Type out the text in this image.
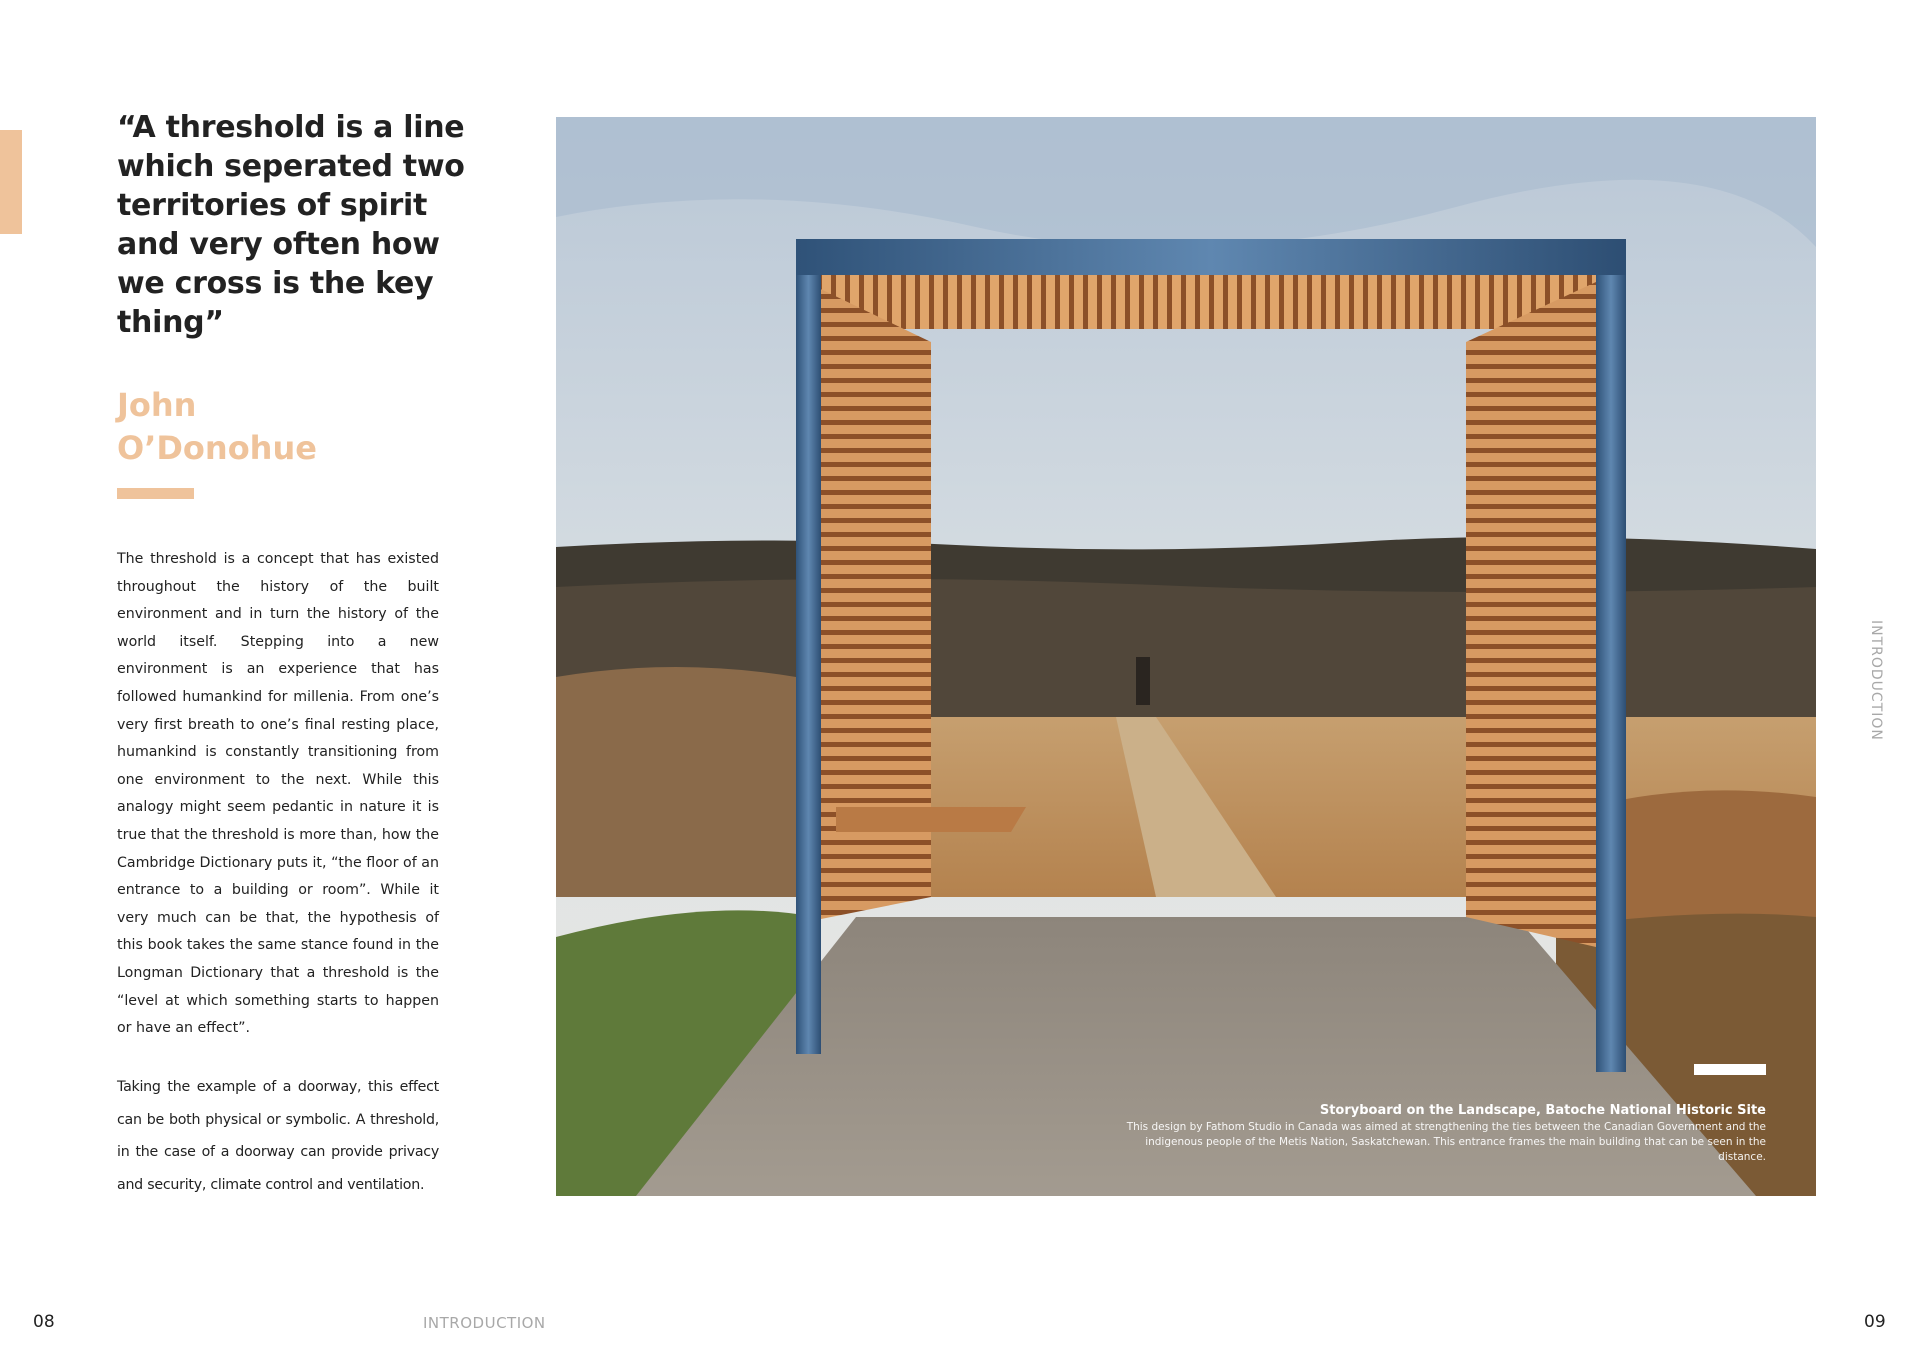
“A threshold is a line which seperated two territories of spirit and very often how we cross is the key thing”

John
O’Donohue

The threshold is a concept that has existed throughout the history of the built environment and in turn the history of the world itself. Stepping into a new environment is an experience that has followed humankind for millenia. From one’s very first breath to one’s final resting place, humankind is constantly transitioning from one environment to the next. While this analogy might seem pedantic in nature it is true that the threshold is more than, how the Cambridge Dictionary puts it, “the floor of an entrance to a building or room”. While it very much can be that, the hypothesis of this book takes the same stance found in the Longman Dictionary that a threshold is the “level at which something starts to happen or have an effect”.

Taking the example of a doorway, this effect can be both physical or symbolic. A threshold, in the case of a doorway can provide privacy and security, climate control and ventilation.

Storyboard on the Landscape, Batoche National Historic Site

This design by Fathom Studio in Canada was aimed at strengthening the ties between the Canadian Government and the indigenous people of the Metis Nation, Saskatchewan. This entrance frames the main building that can be seen in the distance.

INTRODUCTION
08	INTRODUCTION	09
